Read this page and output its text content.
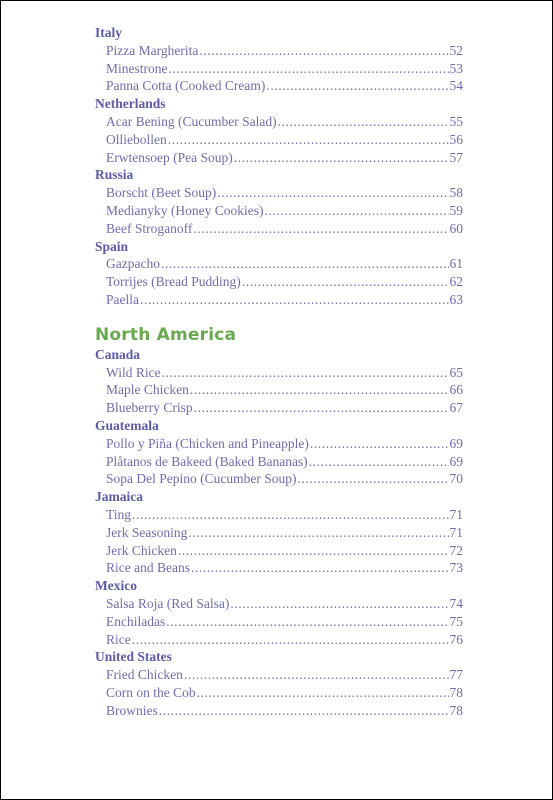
Italy
Pizza Margherita .....	52
Minestrone .....	53
Panna Cotta (Cooked Cream) .....	54
Netherlands
Acar Bening (Cucumber Salad) .....	55
Olliebollen .....	56
Erwtensoep (Pea Soup) .....	57
Russia
Borscht (Beet Soup) .....	58
Medianyky (Honey Cookies) .....	59
Beef Stroganoff .....	60
Spain
Gazpacho .....	61
Torrijes (Bread Pudding) .....	62
Paella .....	63
North America
Canada
Wild Rice .....	65
Maple Chicken .....	66
Blueberry Crisp .....	67
Guatemala
Pollo y Piña (Chicken and Pineapple) .....	69
Plåtanos de Bakeed (Baked Bananas) .....	69
Sopa Del Pepino (Cucumber Soup) .....	70
Jamaica
Ting .....	71
Jerk Seasoning .....	71
Jerk Chicken .....	72
Rice and Beans .....	73
Mexico
Salsa Roja (Red Salsa) .....	74
Enchiladas .....	75
Rice .....	76
United States
Fried Chicken .....	77
Corn on the Cob .....	78
Brownies .....	78
